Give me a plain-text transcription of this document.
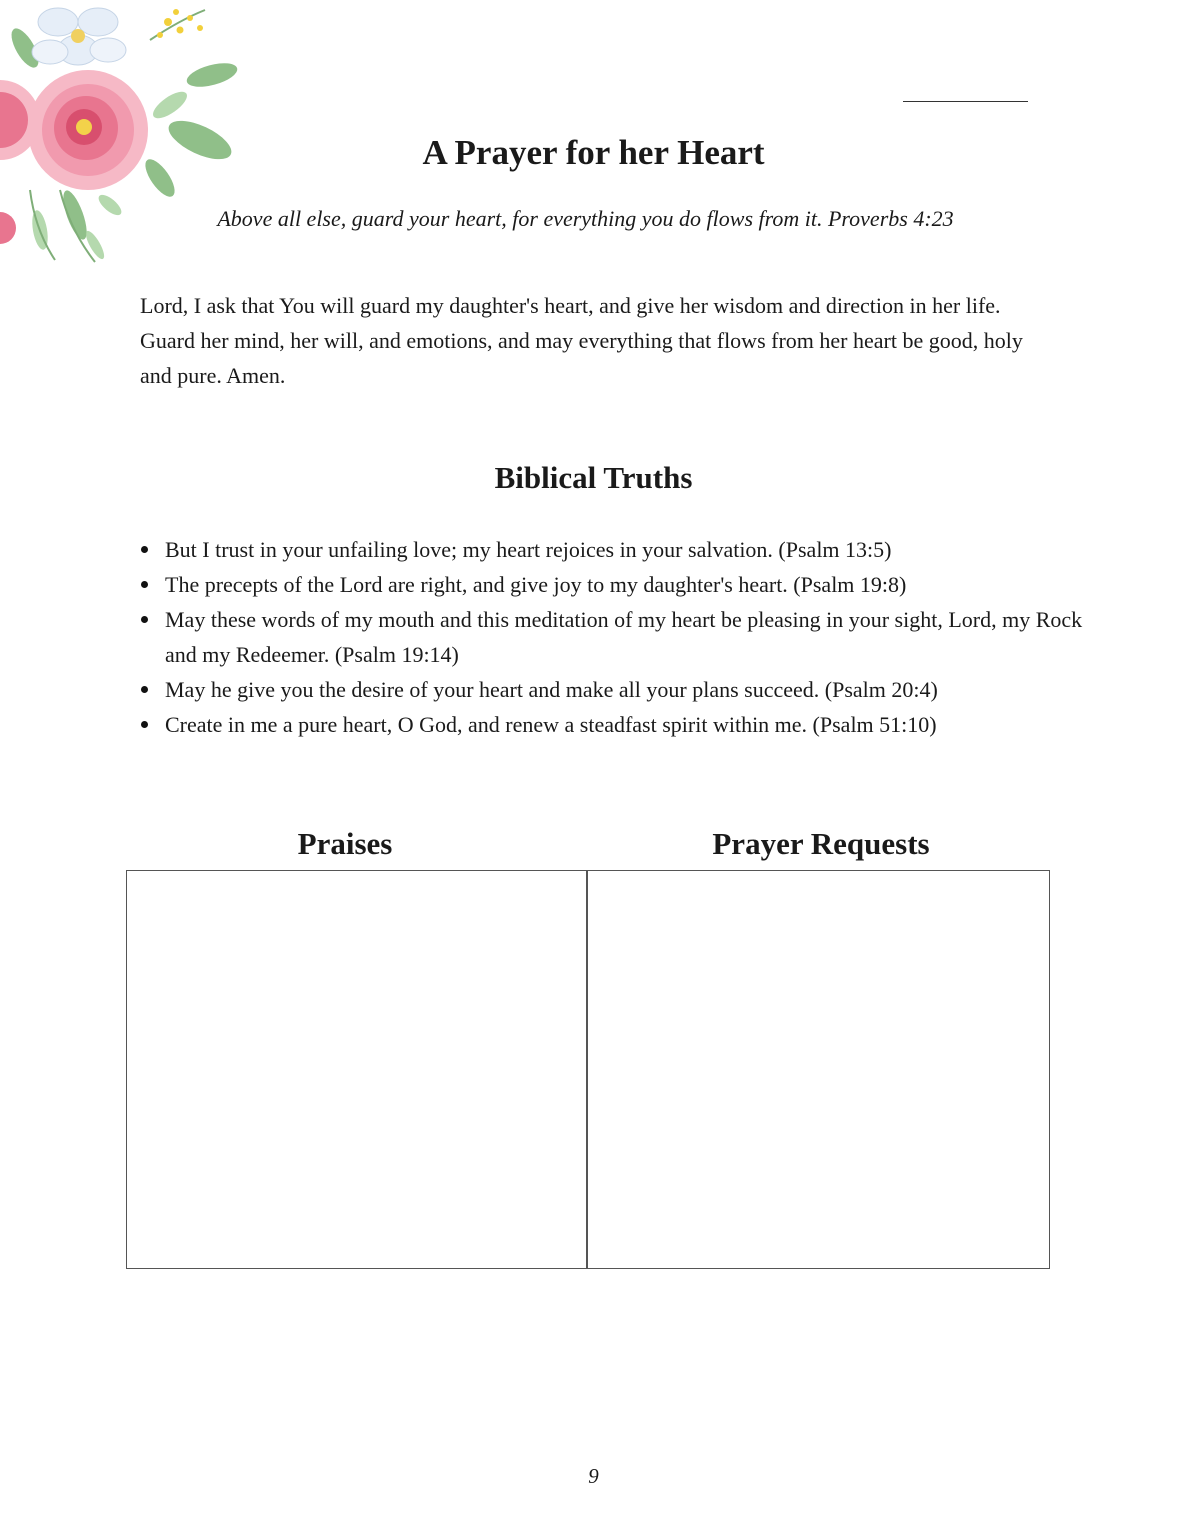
A Prayer for her Heart

Above all else, guard your heart, for everything you do flows from it. Proverbs 4:23

Lord, I ask that You will guard my daughter's heart, and give her wisdom and direction in her life. Guard her mind, her will, and emotions, and may everything that flows from her heart be good, holy and pure. Amen.

Biblical Truths
But I trust in your unfailing love; my heart rejoices in your salvation. (Psalm 13:5)
The precepts of the Lord are right, and give joy to my daughter's heart. (Psalm 19:8)
May these words of my mouth and this meditation of my heart be pleasing in your sight, Lord, my Rock and my Redeemer. (Psalm 19:14)
May he give you the desire of your heart and make all your plans succeed. (Psalm 20:4)
Create in me a pure heart, O God, and renew a steadfast spirit within me. (Psalm 51:10)
Praises	Prayer Requests

9
